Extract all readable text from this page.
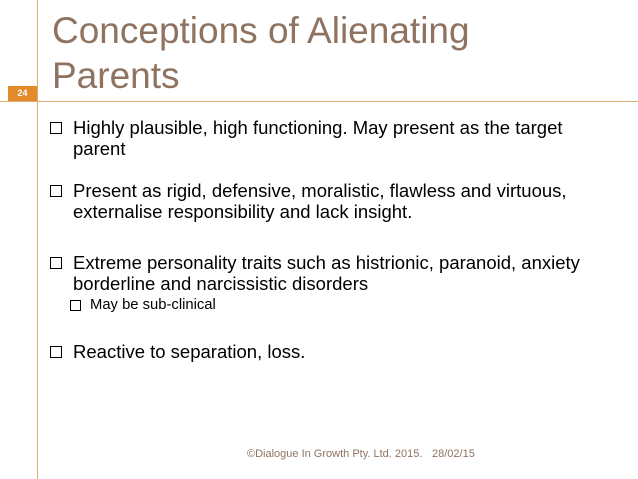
24
Conceptions of Alienating Parents
Highly plausible, high functioning. May present as the target parent
Present as rigid, defensive, moralistic, flawless and virtuous, externalise responsibility and lack insight.
Extreme personality traits such as histrionic, paranoid, anxiety borderline and narcissistic disorders
May be sub-clinical
Reactive to separation, loss.
©Dialogue In Growth Pty. Ltd. 2015. 28/02/15
